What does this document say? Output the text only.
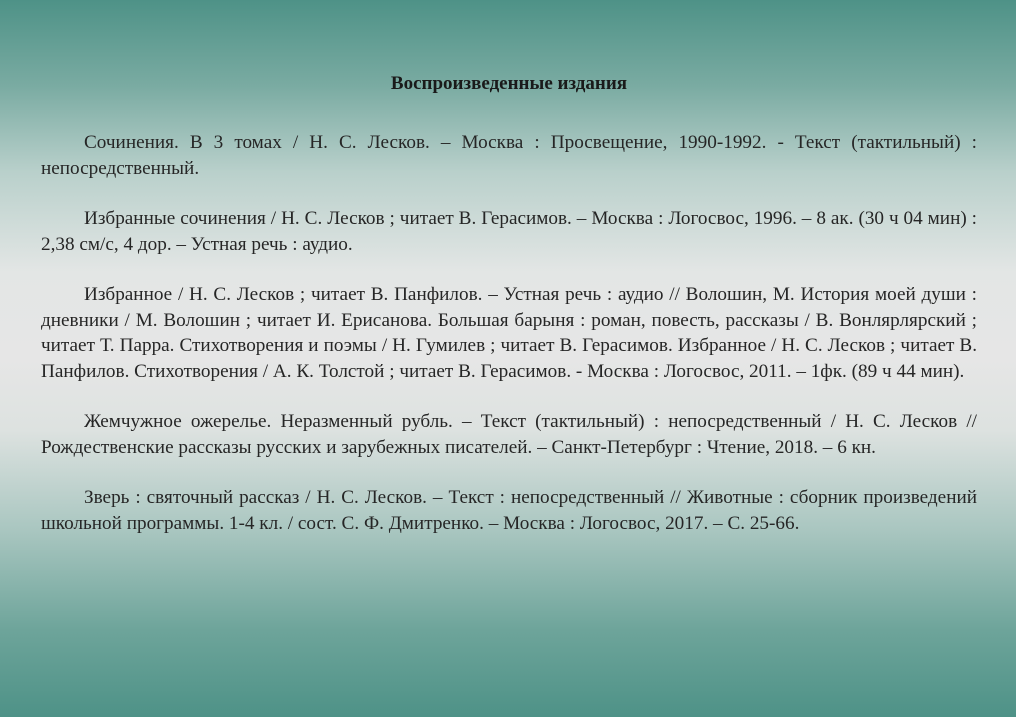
Воспроизведенные издания

Сочинения. В 3 томах / Н. С. Лесков. – Москва : Просвещение, 1990-1992. - Текст (тактильный) : непосредственный.

Избранные сочинения / Н. С. Лесков ; читает В. Герасимов. – Москва : Логосвос, 1996. – 8 ак. (30 ч 04 мин) : 2,38 см/с, 4 дор. – Устная речь : аудио.

Избранное / Н. С. Лесков ; читает В. Панфилов. – Устная речь : аудио // Волошин, М. История моей души : дневники / М. Волошин ; читает И. Ерисанова. Большая барыня : роман, повесть, рассказы / В. Вонлярлярский ; читает Т. Парра. Стихотворения и поэмы / Н. Гумилев ; читает В. Герасимов. Избранное / Н. С. Лесков ; читает В. Панфилов. Стихотворения / А. К. Толстой ; читает В. Герасимов. - Москва : Логосвос, 2011. – 1фк. (89 ч 44 мин).

Жемчужное ожерелье. Неразменный рубль. – Текст (тактильный) : непосредственный / Н. С. Лесков // Рождественские рассказы русских и зарубежных писателей. – Санкт-Петербург : Чтение, 2018. – 6 кн.

Зверь : святочный рассказ / Н. С. Лесков. – Текст : непосредственный // Животные : сборник произведений школьной программы. 1-4 кл. / сост. С. Ф. Дмитренко. – Москва : Логосвос, 2017. – С. 25-66.
